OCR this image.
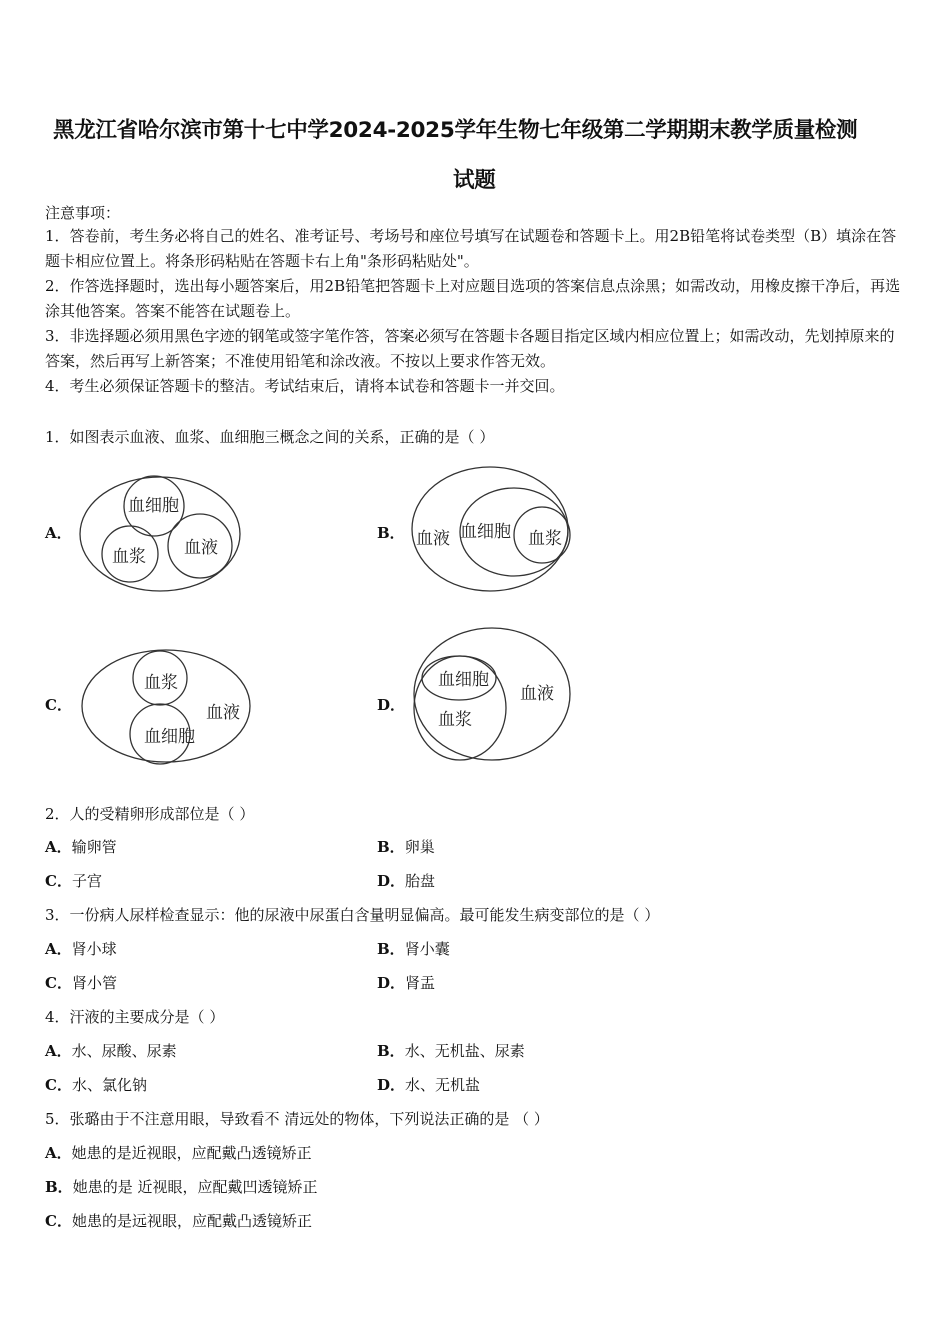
黑龙江省哈尔滨市第十七中学2024-2025学年生物七年级第二学期期末教学质量检测
试题
注意事项：
1．答卷前，考生务必将自己的姓名、准考证号、考场号和座位号填写在试题卷和答题卡上。用2B铅笔将试卷类型（B）填涂在答题卡相应位置上。将条形码粘贴在答题卡右上角"条形码粘贴处"。
2．作答选择题时，选出每小题答案后，用2B铅笔把答题卡上对应题目选项的答案信息点涂黑；如需改动，用橡皮擦干净后，再选涂其他答案。答案不能答在试题卷上。
3．非选择题必须用黑色字迹的钢笔或签字笔作答，答案必须写在答题卡各题目指定区域内相应位置上；如需改动，先划掉原来的答案，然后再写上新答案；不准使用铅笔和涂改液。不按以上要求作答无效。
4．考生必须保证答题卡的整洁。考试结束后，请将本试卷和答题卡一并交回。
1．如图表示血液、血浆、血细胞三概念之间的关系，正确的是（ ）
A．
血细胞
血浆 血液
B． 血液 血细胞 血浆
C．
血浆
血细胞
血液	D．
血细胞
血浆
血液
2．人的受精卵形成部位是（ ）
A．输卵管	B．卵巢
C．子宫	D．胎盘
3．一份病人尿样检查显示：他的尿液中尿蛋白含量明显偏高。最可能发生病变部位的是（ ）
A．肾小球	B．肾小囊
C．肾小管	D．肾盂
4．汗液的主要成分是（ ）
A．水、尿酸、尿素	B．水、无机盐、尿素
C．水、氯化钠	D．水、无机盐
5．张璐由于不注意用眼，导致看不 清远处的物体，下列说法正确的是 （ ）
A．她患的是近视眼，应配戴凸透镜矫正
B．她患的是 近视眼，应配戴凹透镜矫正
C．她患的是远视眼，应配戴凸透镜矫正
